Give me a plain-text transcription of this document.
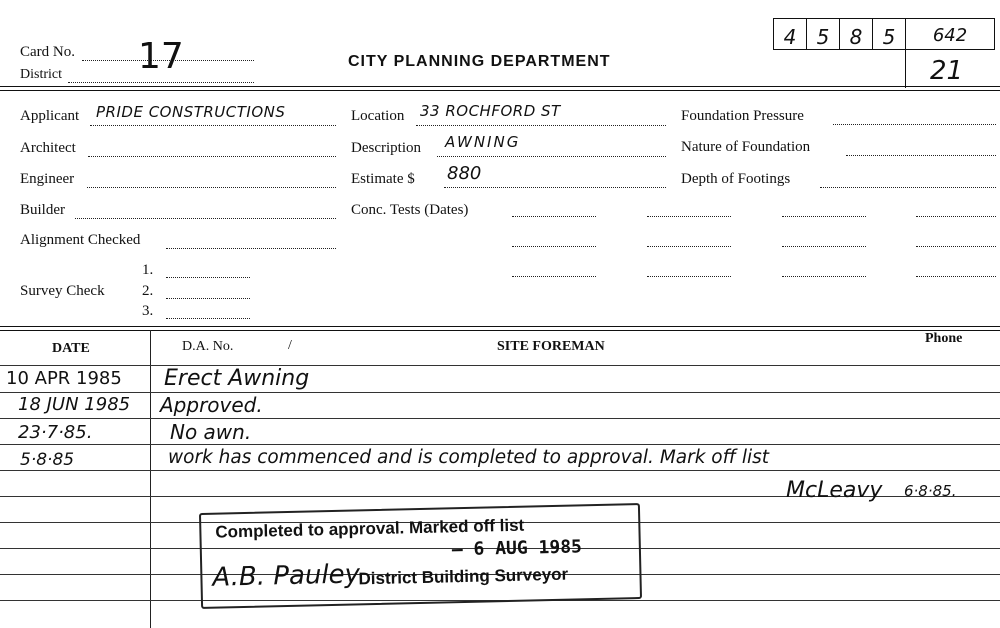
Card No. 17
District
CITY PLANNING DEPARTMENT
4	5	8	5	642
21
Applicant PRIDE CONSTRUCTIONS
Architect
Engineer
Builder
Alignment Checked
Survey Check
1.
2.
3.
Location 33 ROCHFORD ST
Description AWNING
Estimate $ 880
Conc. Tests (Dates)
Foundation Pressure
Nature of Foundation
Depth of Footings
DATE	D.A. No.	/	SITE FOREMAN
Phone
10 APR 1985 Erect Awning
18 JUN 1985 Approved.
23·7·85.	No awn.
5·8·85	work has commenced and is completed to approval. Mark off list
McLeavy 6·8·85.
Completed to approval. Marked off list
– 6 AUG 1985
A.B. Pauley
District Building Surveyor
